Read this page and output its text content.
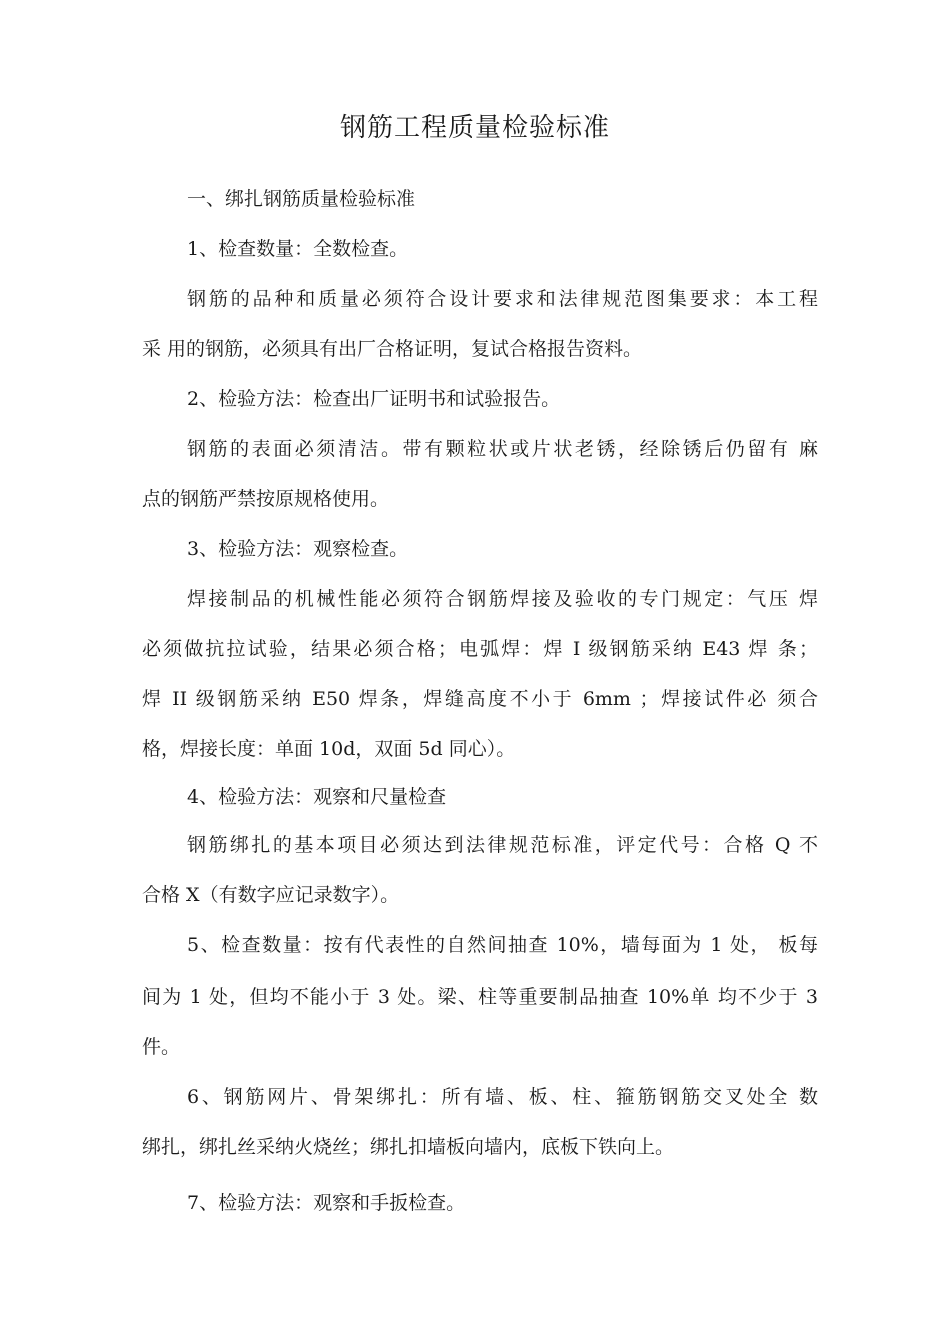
钢筋工程质量检验标准
一、绑扎钢筋质量检验标准
1、检查数量：全数检查。
钢筋的品种和质量必须符合设计要求和法律规范图集要求：本工程
采 用的钢筋，必须具有出厂合格证明，复试合格报告资料。
2、检验方法：检查出厂证明书和试验报告。
钢筋的表面必须清洁。带有颗粒状或片状老锈，经除锈后仍留有 麻
点的钢筋严禁按原规格使用。
3、检验方法：观察检查。
焊接制品的机械性能必须符合钢筋焊接及验收的专门规定：气压 焊
必须做抗拉试验，结果必须合格；电弧焊：焊 I 级钢筋采纳 E43 焊 条；
焊 II 级钢筋采纳 E50 焊条，焊缝高度不小于 6mm ；焊接试件必 须合
格，焊接长度：单面 10d，双面 5d 同心）。
4、检验方法：观察和尺量检查
钢筋绑扎的基本项目必须达到法律规范标准，评定代号：合格 Q 不
合格 X（有数字应记录数字）。
5、检查数量：按有代表性的自然间抽查 10%，墙每面为 1 处， 板每
间为 1 处，但均不能小于 3 处。梁、柱等重要制品抽查 10%单 均不少于 3
件。
6、钢筋网片、骨架绑扎：所有墙、板、柱、箍筋钢筋交叉处全 数
绑扎，绑扎丝采纳火烧丝；绑扎扣墙板向墙内，底板下铁向上。
7、检验方法：观察和手扳检查。
